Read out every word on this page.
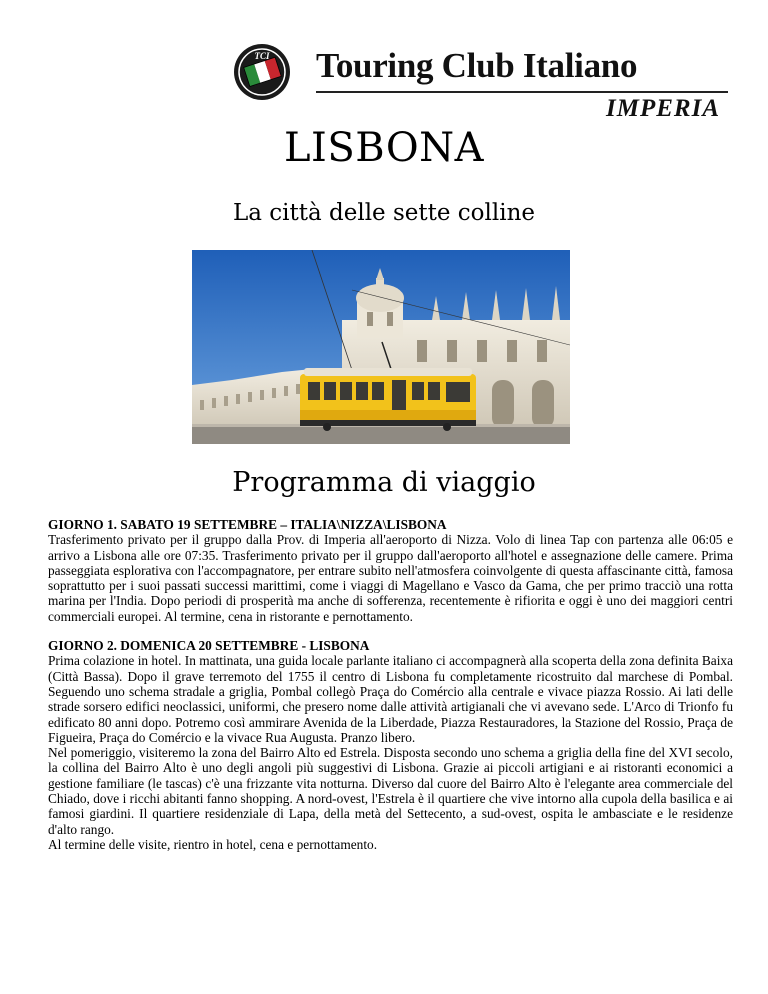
TCI Touring Club Italiano
IMPERIA
LISBONA
La città delle sette colline
Programma di viaggio
GIORNO 1. SABATO 19 SETTEMBRE – ITALIA\NIZZA\LISBONA

Trasferimento privato per il gruppo dalla Prov. di Imperia all'aeroporto di Nizza. Volo di linea Tap con partenza alle 06:05 e arrivo a Lisbona alle ore 07:35. Trasferimento privato per il gruppo dall'aeroporto all'hotel e assegnazione delle camere. Prima passeggiata esplorativa con l'accompagnatore, per entrare subito nell'atmosfera coinvolgente di questa affascinante città, famosa soprattutto per i suoi passati successi marittimi, come i viaggi di Magellano e Vasco da Gama, che per primo tracciò una rotta marina per l'India. Dopo periodi di prosperità ma anche di sofferenza, recentemente è rifiorita e oggi è uno dei maggiori centri commerciali europei. Al termine, cena in ristorante e pernottamento.

GIORNO 2. DOMENICA 20 SETTEMBRE - LISBONA

Prima colazione in hotel. In mattinata, una guida locale parlante italiano ci accompagnerà alla scoperta della zona definita Baixa (Città Bassa). Dopo il grave terremoto del 1755 il centro di Lisbona fu completamente ricostruito dal marchese di Pombal. Seguendo uno schema stradale a griglia, Pombal collegò Praça do Comércio alla centrale e vivace piazza Rossio. Ai lati delle strade sorsero edifici neoclassici, uniformi, che presero nome dalle attività artigianali che vi avevano sede. L'Arco di Trionfo fu edificato 80 anni dopo. Potremo così ammirare Avenida de la Liberdade, Piazza Restauradores, la Stazione del Rossio, Praça de Figueira, Praça do Comércio e la vivace Rua Augusta. Pranzo libero.

Nel pomeriggio, visiteremo la zona del Bairro Alto ed Estrela. Disposta secondo uno schema a griglia della fine del XVI secolo, la collina del Bairro Alto è uno degli angoli più suggestivi di Lisbona. Grazie ai piccoli artigiani e ai ristoranti economici a gestione familiare (le tascas) c'è una frizzante vita notturna. Diverso dal cuore del Bairro Alto è l'elegante area commerciale del Chiado, dove i ricchi abitanti fanno shopping. A nord-ovest, l'Estrela è il quartiere che vive intorno alla cupola della basilica e ai famosi giardini. Il quartiere residenziale di Lapa, della metà del Settecento, a sud-ovest, ospita le ambasciate e le residenze d'alto rango.

Al termine delle visite, rientro in hotel, cena e pernottamento.
